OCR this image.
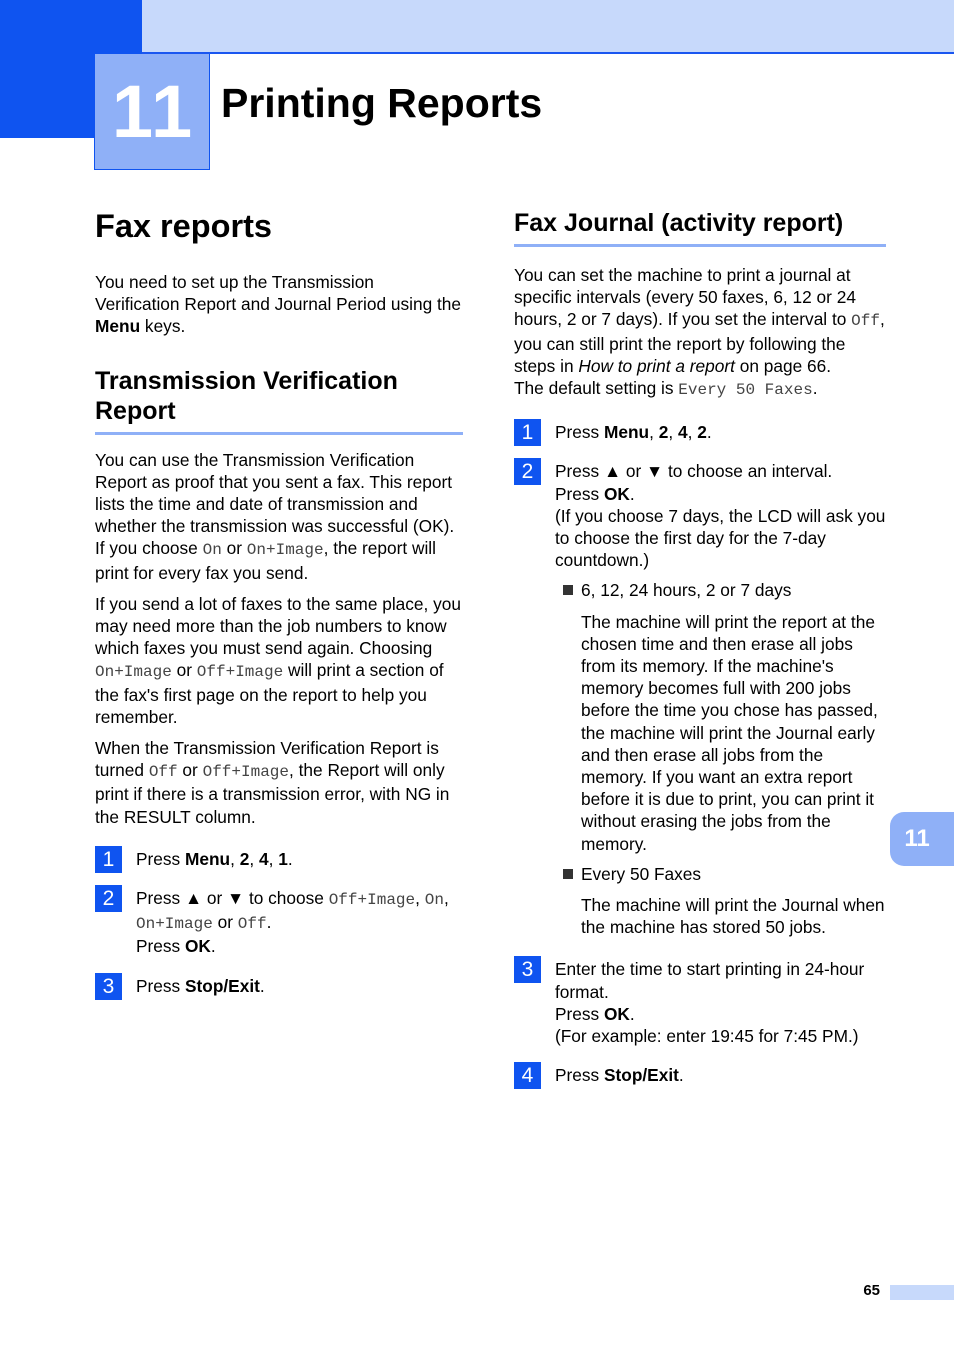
11 Printing Reports
Fax reports

You need to set up the Transmission Verification Report and Journal Period using the Menu keys.

Transmission Verification Report

You can use the Transmission Verification Report as proof that you sent a fax. This report lists the time and date of transmission and whether the transmission was successful (OK). If you choose On or On+Image, the report will print for every fax you send.

If you send a lot of faxes to the same place, you may need more than the job numbers to know which faxes you must send again. Choosing On+Image or Off+Image will print a section of the fax's first page on the report to help you remember.

When the Transmission Verification Report is turned Off or Off+Image, the Report will only print if there is a transmission error, with NG in the RESULT column.

1	Press Menu, 2, 4, 1.
2	Press ▲ or ▼ to choose Off+Image, On, On+Image or Off.
Press OK.
3	Press Stop/Exit.
Fax Journal (activity report)

You can set the machine to print a journal at specific intervals (every 50 faxes, 6, 12 or 24 hours, 2 or 7 days). If you set the interval to Off, you can still print the report by following the steps in How to print a report on page 66.
The default setting is Every 50 Faxes.

1	Press Menu, 2, 4, 2.
2	Press ▲ or ▼ to choose an interval.
Press OK.
(If you choose 7 days, the LCD will ask you to choose the first day for the 7-day countdown.)
6, 12, 24 hours, 2 or 7 days
The machine will print the report at the chosen time and then erase all jobs from its memory. If the machine's memory becomes full with 200 jobs before the time you chose has passed, the machine will print the Journal early and then erase all jobs from the memory. If you want an extra report before it is due to print, you can print it without erasing the jobs from the memory.
Every 50 Faxes
The machine will print the Journal when the machine has stored 50 jobs.
3	Enter the time to start printing in 24-hour format.
Press OK.
(For example: enter 19:45 for 7:45 PM.)
4	Press Stop/Exit.
11
65
